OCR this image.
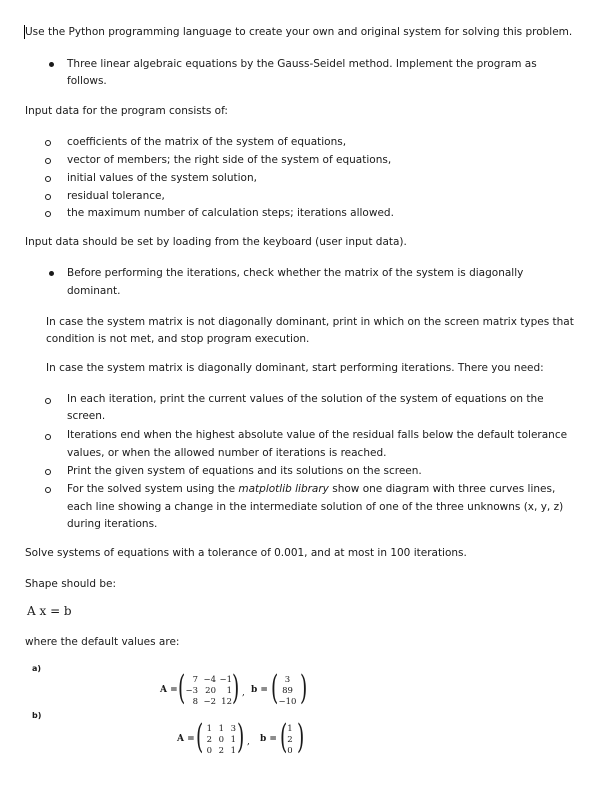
Use the Python programming language to create your own and original system for solving this problem.

Three linear algebraic equations by the Gauss-Seidel method. Implement the program as

follows.

Input data for the program consists of:

coefficients of the matrix of the system of equations,

vector of members; the right side of the system of equations,

initial values of the system solution,

residual tolerance,

the maximum number of calculation steps; iterations allowed.

Input data should be set by loading from the keyboard (user input data).

Before performing the iterations, check whether the matrix of the system is diagonally

dominant.

In case the system matrix is not diagonally dominant, print in which on the screen matrix types that

condition is not met, and stop program execution.

In case the system matrix is diagonally dominant, start performing iterations. There you need:

In each iteration, print the current values of the solution of the system of equations on the

screen.

Iterations end when the highest absolute value of the residual falls below the default tolerance

values, or when the allowed number of iterations is reached.

Print the given system of equations and its solutions on the screen.

For the solved system using the matplotlib library show one diagram with three curves lines,

each line showing a change in the intermediate solution of one of the three unknowns (x, y, z)

during iterations.

Solve systems of equations with a tolerance of 0.001, and at most in 100 iterations.

Shape should be:

A x = b

where the default values are:

a)
A = ( 7 −4 −1
−3 20 1
8 −2 12 ) , b = ( 3
89
−10 )
b)
A = ( 1 1 3
2 0 1
0 2 1 ) , b = ( 1
2
0 )
